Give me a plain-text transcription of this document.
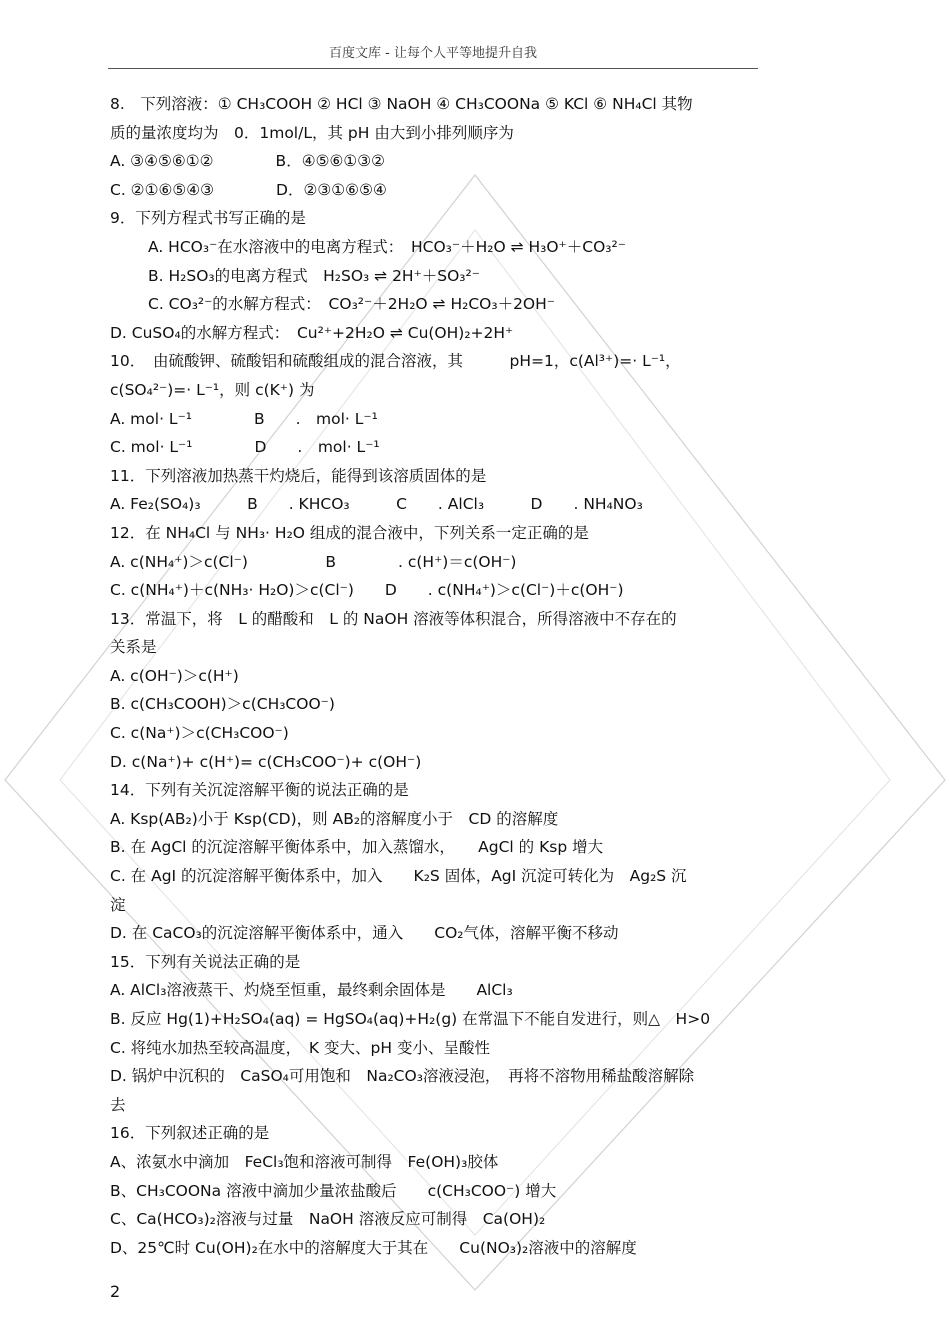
百度文库 - 让每个人平等地提升自我
8.　下列溶液：① CH₃COOH ② HCl ③ NaOH ④ CH₃COONa ⑤ KCl ⑥ NH₄Cl 其物
质的量浓度均为　0．1mol/L，其 pH 由大到小排列顺序为
A. ③④⑤⑥①②　　　　B．④⑤⑥①③②
C. ②①⑥⑤④③　　　　D．②③①⑥⑤④
9．下列方程式书写正确的是
A. HCO₃⁻在水溶液中的电离方程式：　HCO₃⁻＋H₂O ⇌ H₃O⁺＋CO₃²⁻
B. H₂SO₃的电离方程式　H₂SO₃ ⇌ 2H⁺＋SO₃²⁻
C. CO₃²⁻的水解方程式：　CO₃²⁻＋2H₂O ⇌ H₂CO₃＋2OH⁻
D. CuSO₄的水解方程式：　Cu²⁺+2H₂O ⇌ Cu(OH)₂+2H⁺
10．　由硫酸钾、硫酸铝和硫酸组成的混合溶液，其　　　pH=1，c(Al³⁺)=· L⁻¹，
c(SO₄²⁻)=· L⁻¹，则 c(K⁺) 为
A. mol· L⁻¹　　　　B　　.　mol· L⁻¹
C. mol· L⁻¹　　　　D　　.　mol· L⁻¹
11．下列溶液加热蒸干灼烧后，能得到该溶质固体的是
A. Fe₂(SO₄)₃　　　B　　. KHCO₃　　　C　　. AlCl₃　　　D　　. NH₄NO₃
12．在 NH₄Cl 与 NH₃· H₂O 组成的混合液中，下列关系一定正确的是
A. c(NH₄⁺)＞c(Cl⁻)　　　　　B　　　　. c(H⁺)＝c(OH⁻)
C. c(NH₄⁺)＋c(NH₃· H₂O)＞c(Cl⁻)　　D　　. c(NH₄⁺)＞c(Cl⁻)＋c(OH⁻)
13．常温下，将　L 的醋酸和　L 的 NaOH 溶液等体积混合，所得溶液中不存在的
关系是
A. c(OH⁻)＞c(H⁺)
B. c(CH₃COOH)＞c(CH₃COO⁻)
C. c(Na⁺)＞c(CH₃COO⁻)
D. c(Na⁺)+ c(H⁺)= c(CH₃COO⁻)+ c(OH⁻)
14．下列有关沉淀溶解平衡的说法正确的是
A. Ksp(AB₂)小于 Ksp(CD)，则 AB₂的溶解度小于　CD 的溶解度
B. 在 AgCl 的沉淀溶解平衡体系中，加入蒸馏水，　　AgCl 的 Ksp 增大
C. 在 AgI 的沉淀溶解平衡体系中，加入　　K₂S 固体，AgI 沉淀可转化为　Ag₂S 沉
淀
D. 在 CaCO₃的沉淀溶解平衡体系中，通入　　CO₂气体，溶解平衡不移动
15．下列有关说法正确的是
A. AlCl₃溶液蒸干、灼烧至恒重，最终剩余固体是　　AlCl₃
B. 反应 Hg(1)+H₂SO₄(aq) = HgSO₄(aq)+H₂(g) 在常温下不能自发进行，则△　H>0
C. 将纯水加热至较高温度，　K 变大、pH 变小、呈酸性
D. 锅炉中沉积的　CaSO₄可用饱和　Na₂CO₃溶液浸泡，　再将不溶物用稀盐酸溶解除
去
16．下列叙述正确的是
A、浓氨水中滴加　FeCl₃饱和溶液可制得　Fe(OH)₃胶体
B、CH₃COONa 溶液中滴加少量浓盐酸后　　c(CH₃COO⁻) 增大
C、Ca(HCO₃)₂溶液与过量　NaOH 溶液反应可制得　Ca(OH)₂
D、25℃时 Cu(OH)₂在水中的溶解度大于其在　　Cu(NO₃)₂溶液中的溶解度
2
